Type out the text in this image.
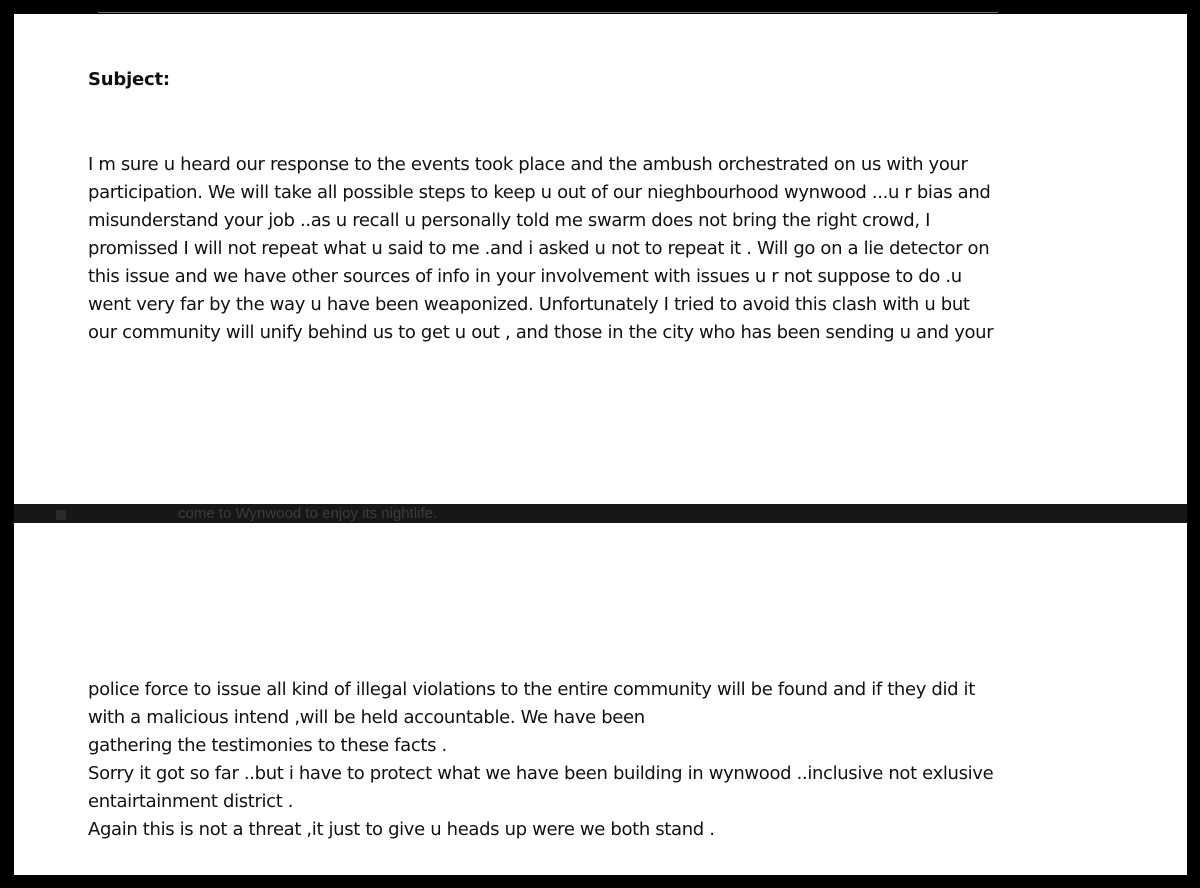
Subject:
I m sure u heard our response to the events took place and the ambush orchestrated on us with your
participation. We will take all possible steps to keep u out of our nieghbourhood wynwood ...u r bias and
misunderstand your job ..as u recall u personally told me swarm does not bring the right crowd, I
promissed I will not repeat what u said to me .and i asked u not to repeat it . Will go on a lie detector on
this issue and we have other sources of info in your involvement with issues u r not suppose to do .u
went very far by the way u have been weaponized. Unfortunately I tried to avoid this clash with u but
our community will unify behind us to get u out , and those in the city who has been sending u and your
come to Wynwood to enjoy its nightlife.
police force to issue all kind of illegal violations to the entire community will be found and if they did it
with a malicious intend ,will be held accountable. We have been
gathering the testimonies to these facts .
Sorry it got so far ..but i have to protect what we have been building in wynwood ..inclusive not exlusive
entairtainment district .
Again this is not a threat ,it just to give u heads up were we both stand .
